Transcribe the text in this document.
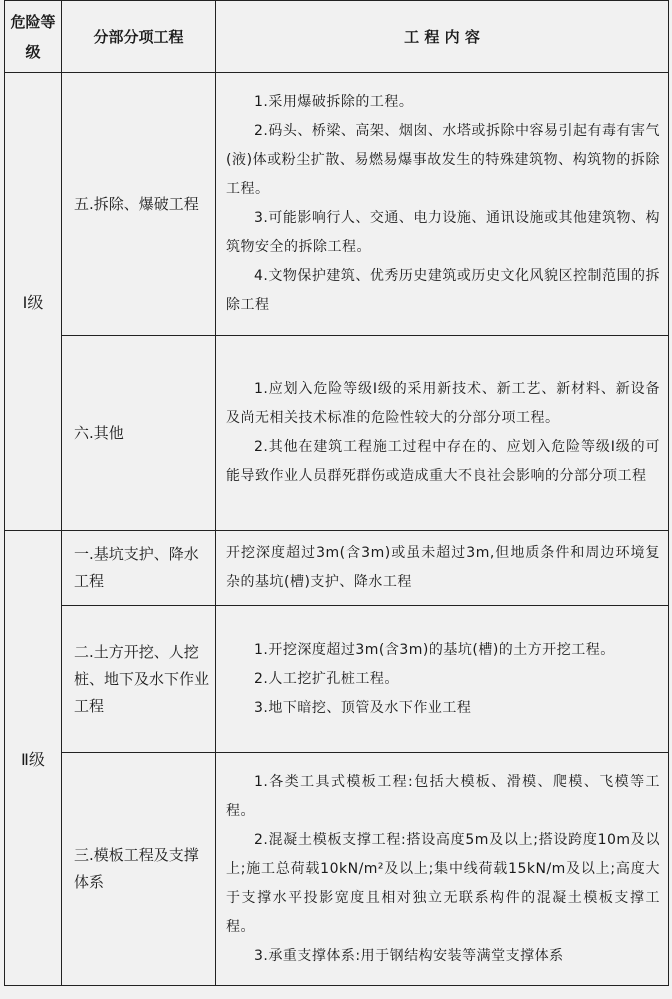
危险等级	分部分项工程	工 程 内 容
Ⅰ级	五.拆除、爆破工程	1.采用爆破拆除的工程。

2.码头、桥梁、高架、烟囱、水塔或拆除中容易引起有毒有害气(液)体或粉尘扩散、易燃易爆事故发生的特殊建筑物、构筑物的拆除工程。

3.可能影响行人、交通、电力设施、通讯设施或其他建筑物、构筑物安全的拆除工程。

4.文物保护建筑、优秀历史建筑或历史文化风貌区控制范围的拆除工程

	六.其他	1.应划入危险等级Ⅰ级的采用新技术、新工艺、新材料、新设备及尚无相关技术标准的危险性较大的分部分项工程。

2.其他在建筑工程施工过程中存在的、应划入危险等级Ⅰ级的可能导致作业人员群死群伤或造成重大不良社会影响的分部分项工程

Ⅱ级	一.基坑支护、降水工程	开挖深度超过3m(含3m)或虽未超过3m,但地质条件和周边环境复杂的基坑(槽)支护、降水工程

	二.土方开挖、人挖桩、地下及水下作业工程	1.开挖深度超过3m(含3m)的基坑(槽)的土方开挖工程。

2.人工挖扩孔桩工程。

3.地下暗挖、顶管及水下作业工程

	三.模板工程及支撑体系	1.各类工具式模板工程:包括大模板、滑模、爬模、飞模等工程。

2.混凝土模板支撑工程:搭设高度5m及以上;搭设跨度10m及以上;施工总荷载10kN/m²及以上;集中线荷载15kN/m及以上;高度大于支撑水平投影宽度且相对独立无联系构件的混凝土模板支撑工程。

3.承重支撑体系:用于钢结构安装等满堂支撑体系
